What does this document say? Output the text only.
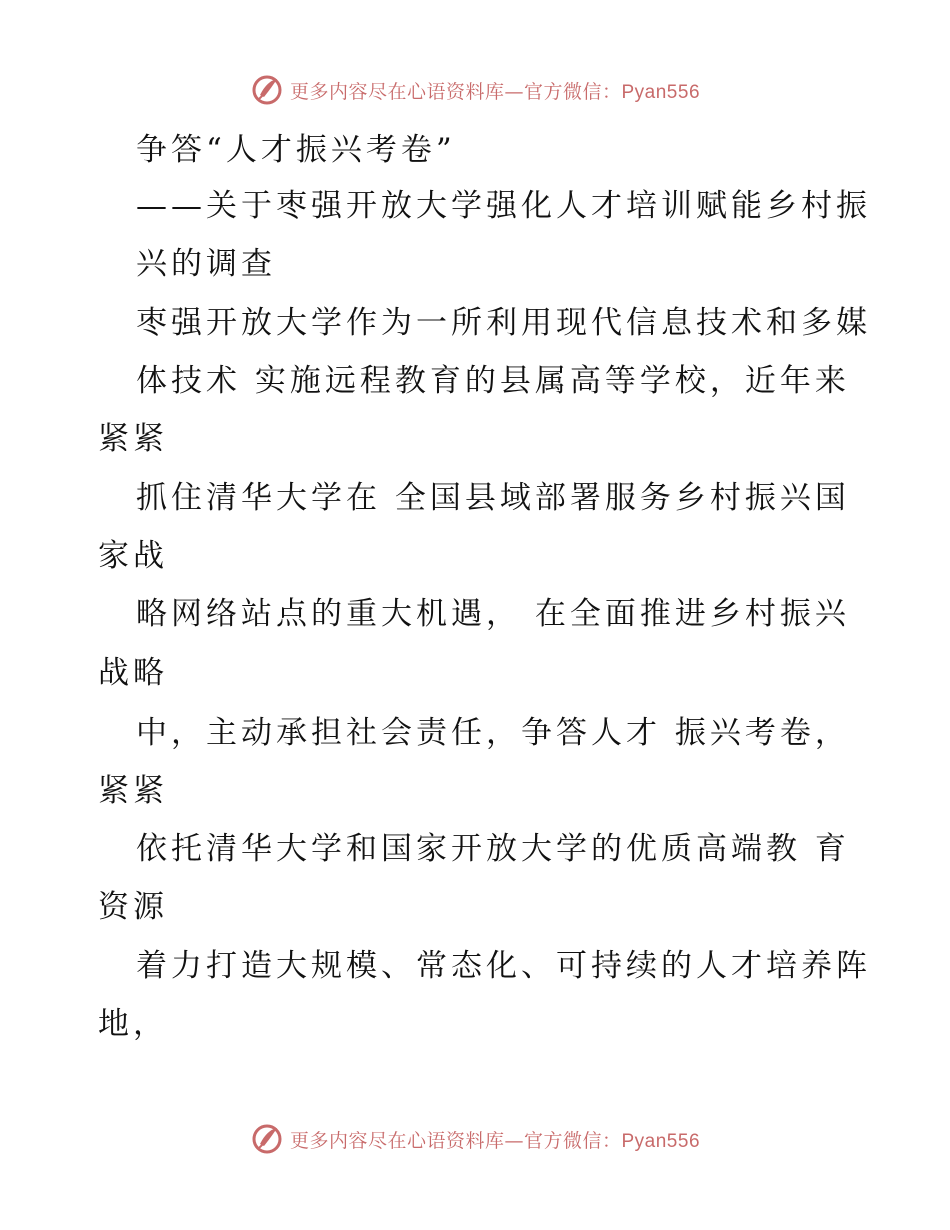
更多内容尽在心语资料库—官方微信：Pyan556
争答“人才振兴考卷”
——关于枣强开放大学强化人才培训赋能乡村振
兴的调查
枣强开放大学作为一所利用现代信息技术和多媒
体技术 实施远程教育的县属高等学校，近年来
紧紧
抓住清华大学在 全国县域部署服务乡村振兴国
家战
略网络站点的重大机遇， 在全面推进乡村振兴
战略
中，主动承担社会责任，争答人才 振兴考卷，
紧紧
依托清华大学和国家开放大学的优质高端教 育
资源
着力打造大规模、常态化、可持续的人才培养阵
地，
更多内容尽在心语资料库—官方微信：Pyan556
